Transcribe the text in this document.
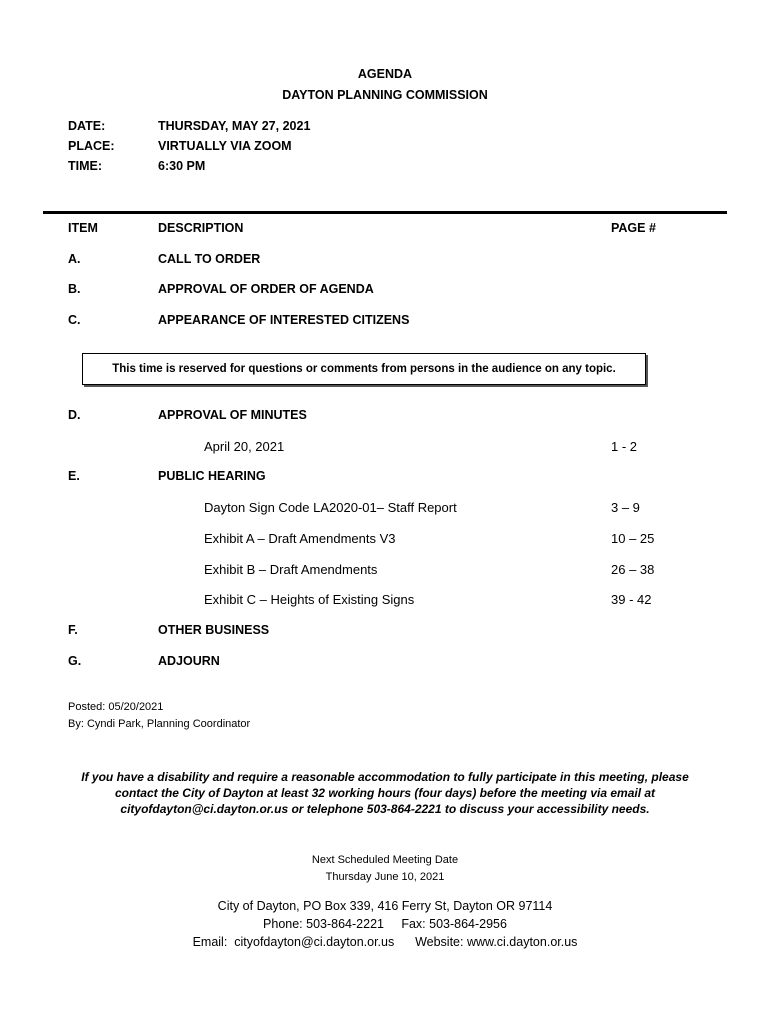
AGENDA
DAYTON PLANNING COMMISSION
DATE:	THURSDAY, MAY 27, 2021
PLACE:	VIRTUALLY VIA ZOOM
TIME:	6:30 PM
ITEM	DESCRIPTION	PAGE #
A.	CALL TO ORDER
B.	APPROVAL OF ORDER OF AGENDA
C.	APPEARANCE OF INTERESTED CITIZENS
This time is reserved for questions or comments from persons in the audience on any topic.
D.	APPROVAL OF MINUTES
April 20, 2021	1 - 2
E.	PUBLIC HEARING
Dayton Sign Code LA2020-01– Staff Report	3 – 9
Exhibit A – Draft Amendments V3	10 – 25
Exhibit B – Draft Amendments	26 – 38
Exhibit C – Heights of Existing Signs	39 - 42
F.	OTHER BUSINESS
G.	ADJOURN
Posted: 05/20/2021
By: Cyndi Park, Planning Coordinator
If you have a disability and require a reasonable accommodation to fully participate in this meeting, please
contact the City of Dayton at least 32 working hours (four days) before the meeting via email at
cityofdayton@ci.dayton.or.us or telephone 503-864-2221 to discuss your accessibility needs.
Next Scheduled Meeting Date
Thursday June 10, 2021
City of Dayton, PO Box 339, 416 Ferry St, Dayton OR 97114
Phone: 503-864-2221     Fax: 503-864-2956
Email:  cityofdayton@ci.dayton.or.us      Website: www.ci.dayton.or.us
